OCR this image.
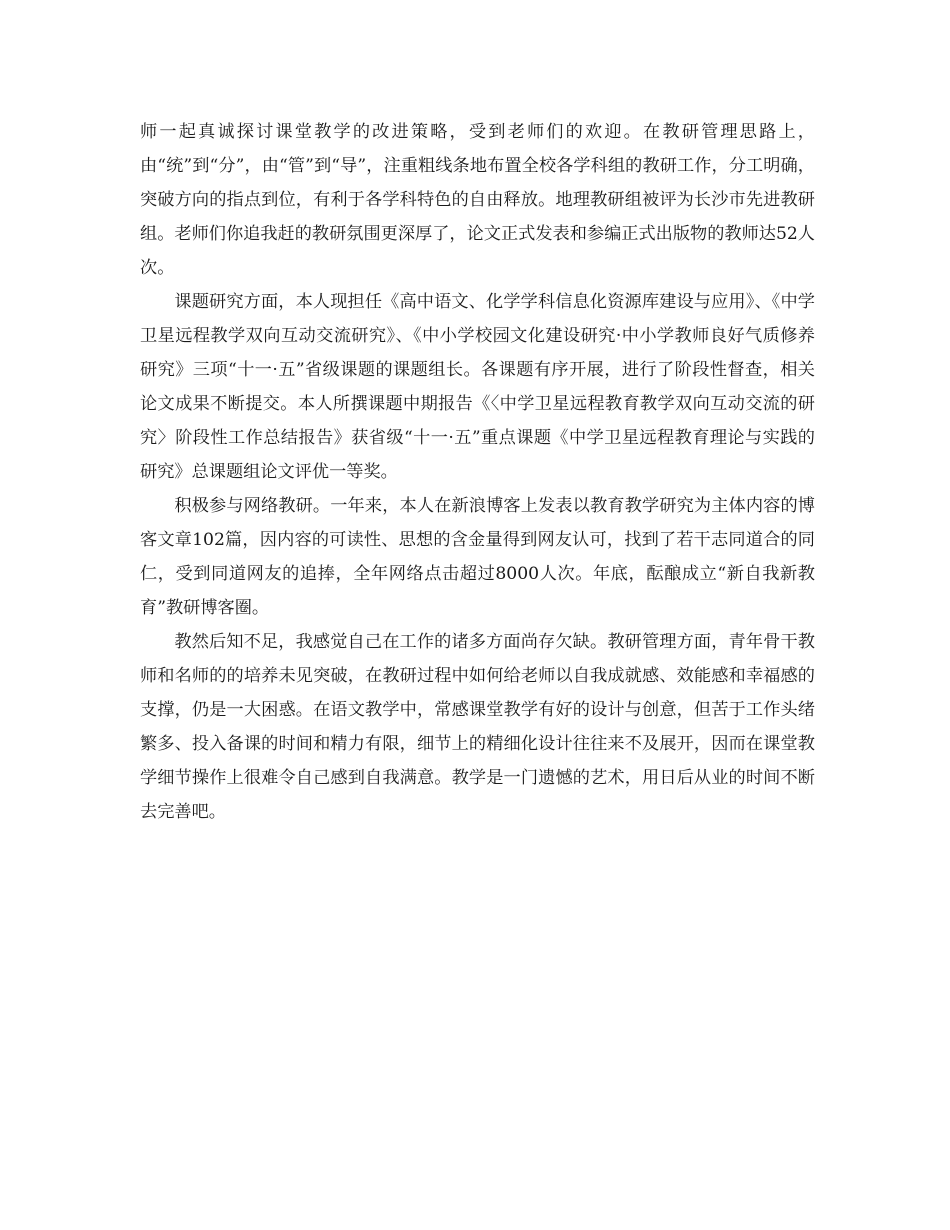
师一起真诚探讨课堂教学的改进策略，受到老师们的欢迎。在教研管理思路上，由“统”到“分”，由“管”到“导”，注重粗线条地布置全校各学科组的教研工作，分工明确，突破方向的指点到位，有利于各学科特色的自由释放。地理教研组被评为长沙市先进教研组。老师们你追我赶的教研氛围更深厚了，论文正式发表和参编正式出版物的教师达52人次。

课题研究方面，本人现担任《高中语文、化学学科信息化资源库建设与应用》、《中学卫星远程教学双向互动交流研究》、《中小学校园文化建设研究·中小学教师良好气质修养研究》三项“十一·五”省级课题的课题组长。各课题有序开展，进行了阶段性督查，相关论文成果不断提交。本人所撰课题中期报告《〈中学卫星远程教育教学双向互动交流的研究〉阶段性工作总结报告》获省级“十一·五”重点课题《中学卫星远程教育理论与实践的研究》总课题组论文评优一等奖。

积极参与网络教研。一年来，本人在新浪博客上发表以教育教学研究为主体内容的博客文章102篇，因内容的可读性、思想的含金量得到网友认可，找到了若干志同道合的同仁，受到同道网友的追捧，全年网络点击超过8000人次。年底，酝酿成立“新自我新教育”教研博客圈。

教然后知不足，我感觉自己在工作的诸多方面尚存欠缺。教研管理方面，青年骨干教师和名师的的培养未见突破，在教研过程中如何给老师以自我成就感、效能感和幸福感的支撑，仍是一大困惑。在语文教学中，常感课堂教学有好的设计与创意，但苦于工作头绪繁多、投入备课的时间和精力有限，细节上的精细化设计往往来不及展开，因而在课堂教学细节操作上很难令自己感到自我满意。教学是一门遗憾的艺术，用日后从业的时间不断去完善吧。
